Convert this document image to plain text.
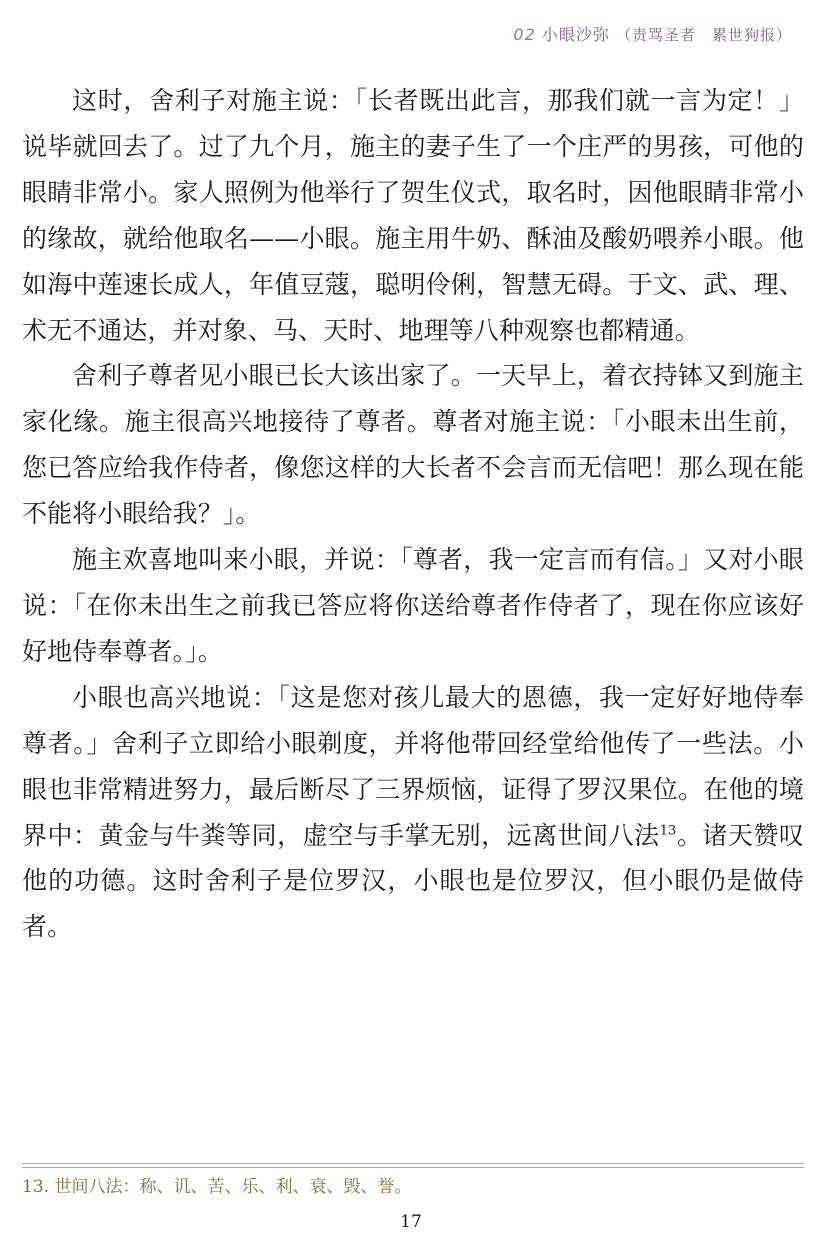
02 小眼沙弥 （责骂圣者　累世狗报）

这时，舍利子对施主说：「长者既出此言，那我们就一言为定！」说毕就回去了。过了九个月，施主的妻子生了一个庄严的男孩，可他的眼睛非常小。家人照例为他举行了贺生仪式，取名时，因他眼睛非常小的缘故，就给他取名——小眼。施主用牛奶、酥油及酸奶喂养小眼。他如海中莲速长成人，年值豆蔻，聪明伶俐，智慧无碍。于文、武、理、术无不通达，并对象、马、天时、地理等八种观察也都精通。

舍利子尊者见小眼已长大该出家了。一天早上，着衣持钵又到施主家化缘。施主很高兴地接待了尊者。尊者对施主说：「小眼未出生前，您已答应给我作侍者，像您这样的大长者不会言而无信吧！那么现在能不能将小眼给我？」。

施主欢喜地叫来小眼，并说：「尊者，我一定言而有信。」又对小眼说：「在你未出生之前我已答应将你送给尊者作侍者了，现在你应该好好地侍奉尊者。」。

小眼也高兴地说：「这是您对孩儿最大的恩德，我一定好好地侍奉尊者。」舍利子立即给小眼剃度，并将他带回经堂给他传了一些法。小眼也非常精进努力，最后断尽了三界烦恼，证得了罗汉果位。在他的境界中：黄金与牛粪等同，虚空与手掌无别，远离世间八法$^{13}$。诸天赞叹他的功德。这时舍利子是位罗汉，小眼也是位罗汉，但小眼仍是做侍者。

13. 世间八法：称、讥、苦、乐、利、衰、毁、誉。
17
